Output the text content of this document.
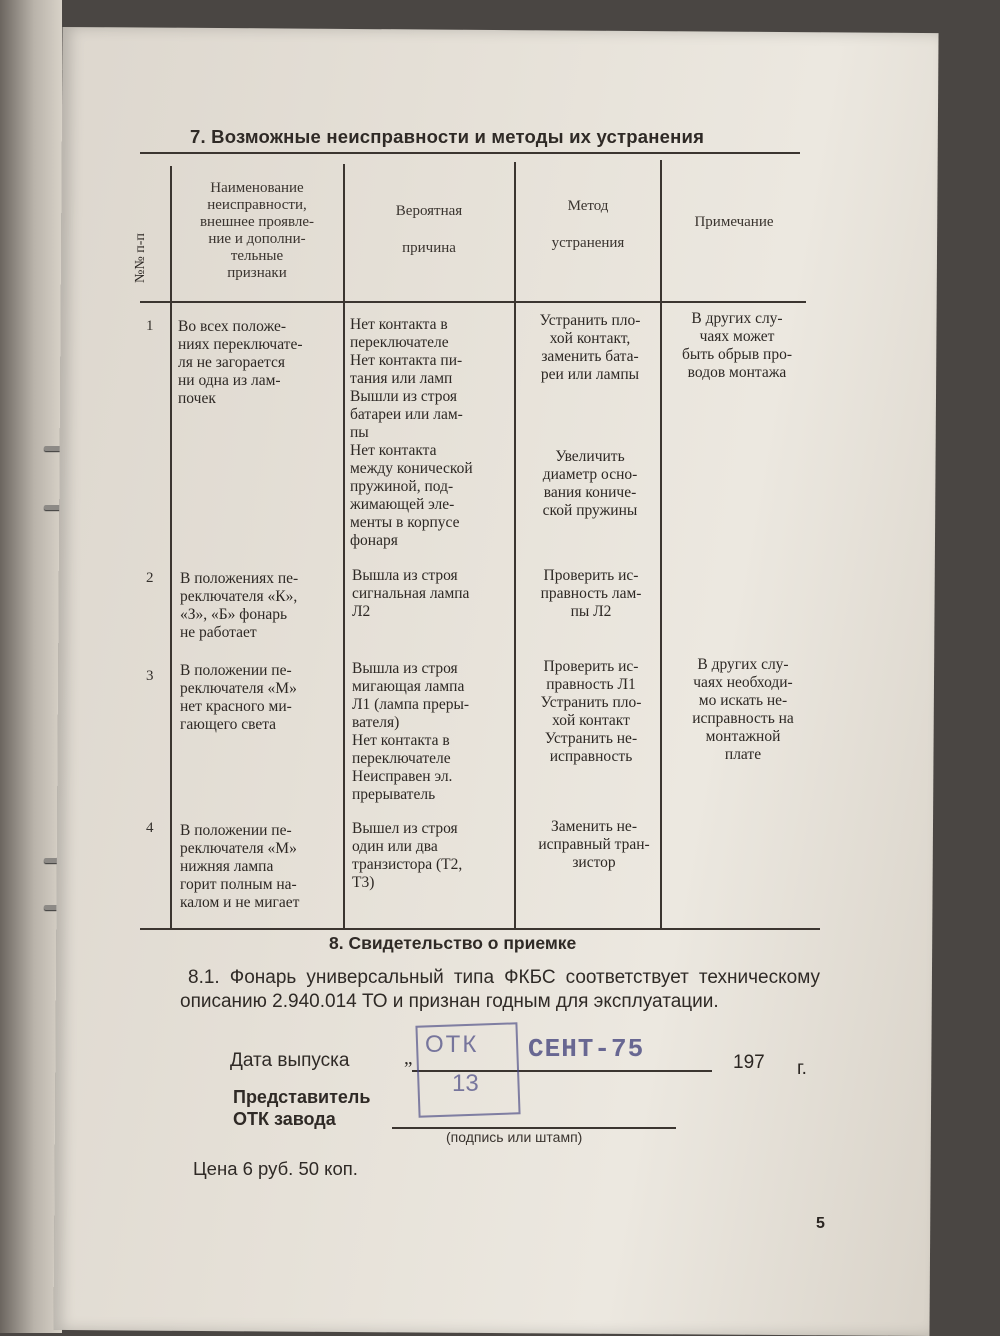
7. Возможные неисправности и методы их устранения
№№ п-п
Наименование
неисправности,
внешнее проявле-
ние и дополни-
тельные
признаки
Вероятная
причина
Метод
устранения
Примечание
1 Во всех положе-
ниях переключате-
ля не загорается
ни одна из лам-
почек
Нет контакта в
переключателе
Нет контакта пи-
тания или ламп
Вышли из строя
батареи или лам-
пы
Нет контакта
между конической
пружиной, под-
жимающей эле-
менты в корпусе
фонаря
Устранить пло-
хой контакт,
заменить бата-
реи или лампы
Увеличить
диаметр осно-
вания кониче-
ской пружины
В других слу-
чаях может
быть обрыв про-
водов монтажа
2 В положениях пе-
реключателя «К»,
«З», «Б» фонарь
не работает
Вышла из строя
сигнальная лампа
Л2
Проверить ис-
правность лам-
пы Л2
3 В положении пе-
реключателя «М»
нет красного ми-
гающего света
Вышла из строя
мигающая лампа
Л1 (лампа преры-
вателя)
Нет контакта в
переключателе
Неисправен эл.
прерыватель
Проверить ис-
правность Л1
Устранить пло-
хой контакт
Устранить не-
исправность
В других слу-
чаях необходи-
мо искать не-
исправность на
монтажной
плате
4 В положении пе-
реключателя «М»
нижняя лампа
горит полным на-
калом и не мигает
Вышел из строя
один или два
транзистора (Т2,
Т3)
Заменить не-
исправный тран-
зистор
8. Свидетельство о приемке
8.1. Фонарь универсальный типа ФКБС соответствует техническому описанию 2.940.014 ТО и признан годным для эксплуатации.
Дата выпуска	„	197 г.
ОТК
13
СЕНТ-75
Представитель
ОТК завода
(подпись или штамп)
Цена 6 руб. 50 коп.
5
